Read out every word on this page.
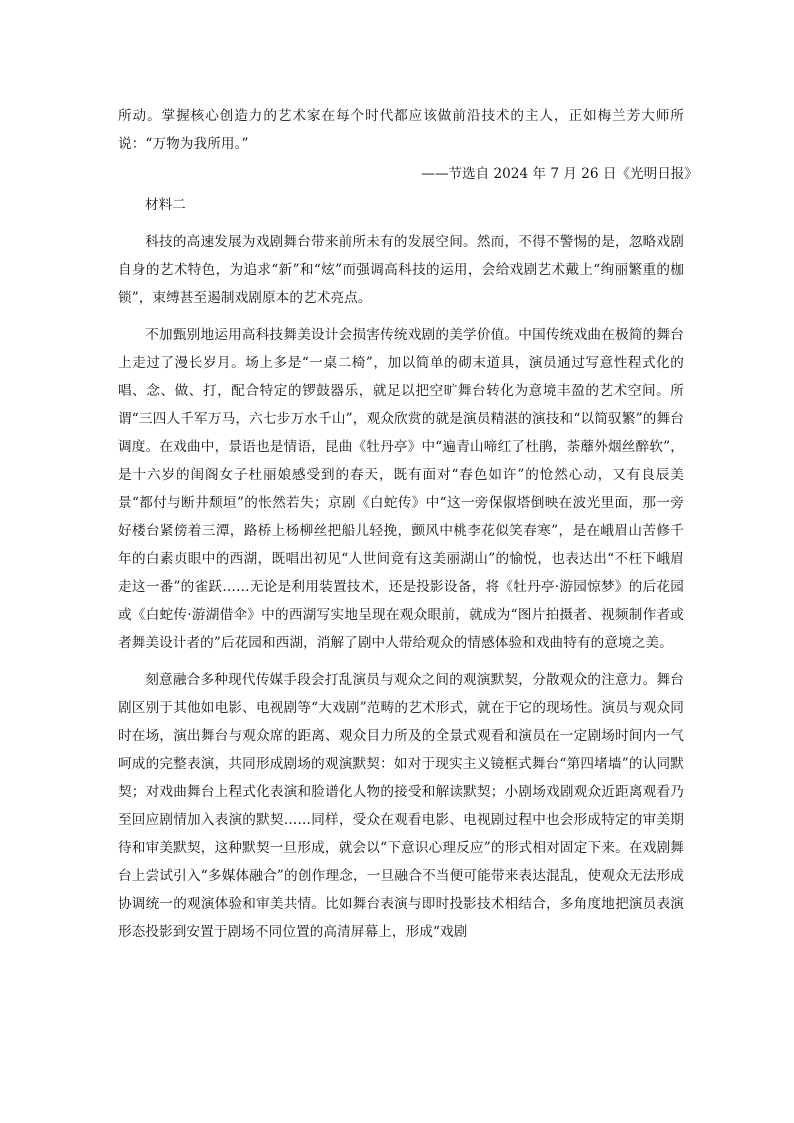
所动。掌握核心创造力的艺术家在每个时代都应该做前沿技术的主人，正如梅兰芳大师所说：“万物为我所用。”

——节选自 2024 年 7 月 26 日《光明日报》
材料二

科技的高速发展为戏剧舞台带来前所未有的发展空间。然而，不得不警惕的是，忽略戏剧自身的艺术特色，为追求“新”和“炫”而强调高科技的运用，会给戏剧艺术戴上“绚丽繁重的枷锁”，束缚甚至遏制戏剧原本的艺术亮点。

不加甄别地运用高科技舞美设计会损害传统戏剧的美学价值。中国传统戏曲在极简的舞台上走过了漫长岁月。场上多是“一桌二椅”，加以简单的砌末道具，演员通过写意性程式化的唱、念、做、打，配合特定的锣鼓器乐，就足以把空旷舞台转化为意境丰盈的艺术空间。所谓“三四人千军万马，六七步万水千山”，观众欣赏的就是演员精湛的演技和“以简驭繁”的舞台调度。在戏曲中，景语也是情语，昆曲《牡丹亭》中“遍青山啼红了杜鹃，荼蘼外烟丝醉软”，是十六岁的闺阁女子杜丽娘感受到的春天，既有面对“春色如许”的怆然心动，又有良辰美景“都付与断井颓垣”的怅然若失；京剧《白蛇传》中“这一旁保俶塔倒映在波光里面，那一旁好楼台紧傍着三潭，路桥上杨柳丝把船儿轻挽，颤风中桃李花似笑春寒”，是在峨眉山苦修千年的白素贞眼中的西湖，既唱出初见“人世间竟有这美丽湖山”的愉悦，也表达出“不枉下峨眉走这一番”的雀跃……无论是利用装置技术，还是投影设备，将《牡丹亭·游园惊梦》的后花园或《白蛇传·游湖借伞》中的西湖写实地呈现在观众眼前，就成为“图片拍摄者、视频制作者或者舞美设计者的”后花园和西湖，消解了剧中人带给观众的情感体验和戏曲特有的意境之美。

刻意融合多种现代传媒手段会打乱演员与观众之间的观演默契，分散观众的注意力。舞台剧区别于其他如电影、电视剧等“大戏剧”范畴的艺术形式，就在于它的现场性。演员与观众同时在场，演出舞台与观众席的距离、观众目力所及的全景式观看和演员在一定剧场时间内一气呵成的完整表演，共同形成剧场的观演默契：如对于现实主义镜框式舞台“第四堵墙”的认同默契；对戏曲舞台上程式化表演和脸谱化人物的接受和解读默契；小剧场戏剧观众近距离观看乃至回应剧情加入表演的默契……同样，受众在观看电影、电视剧过程中也会形成特定的审美期待和审美默契，这种默契一旦形成，就会以“下意识心理反应”的形式相对固定下来。在戏剧舞台上尝试引入“多媒体融合”的创作理念，一旦融合不当便可能带来表达混乱，使观众无法形成协调统一的观演体验和审美共情。比如舞台表演与即时投影技术相结合，多角度地把演员表演形态投影到安置于剧场不同位置的高清屏幕上，形成“戏剧
